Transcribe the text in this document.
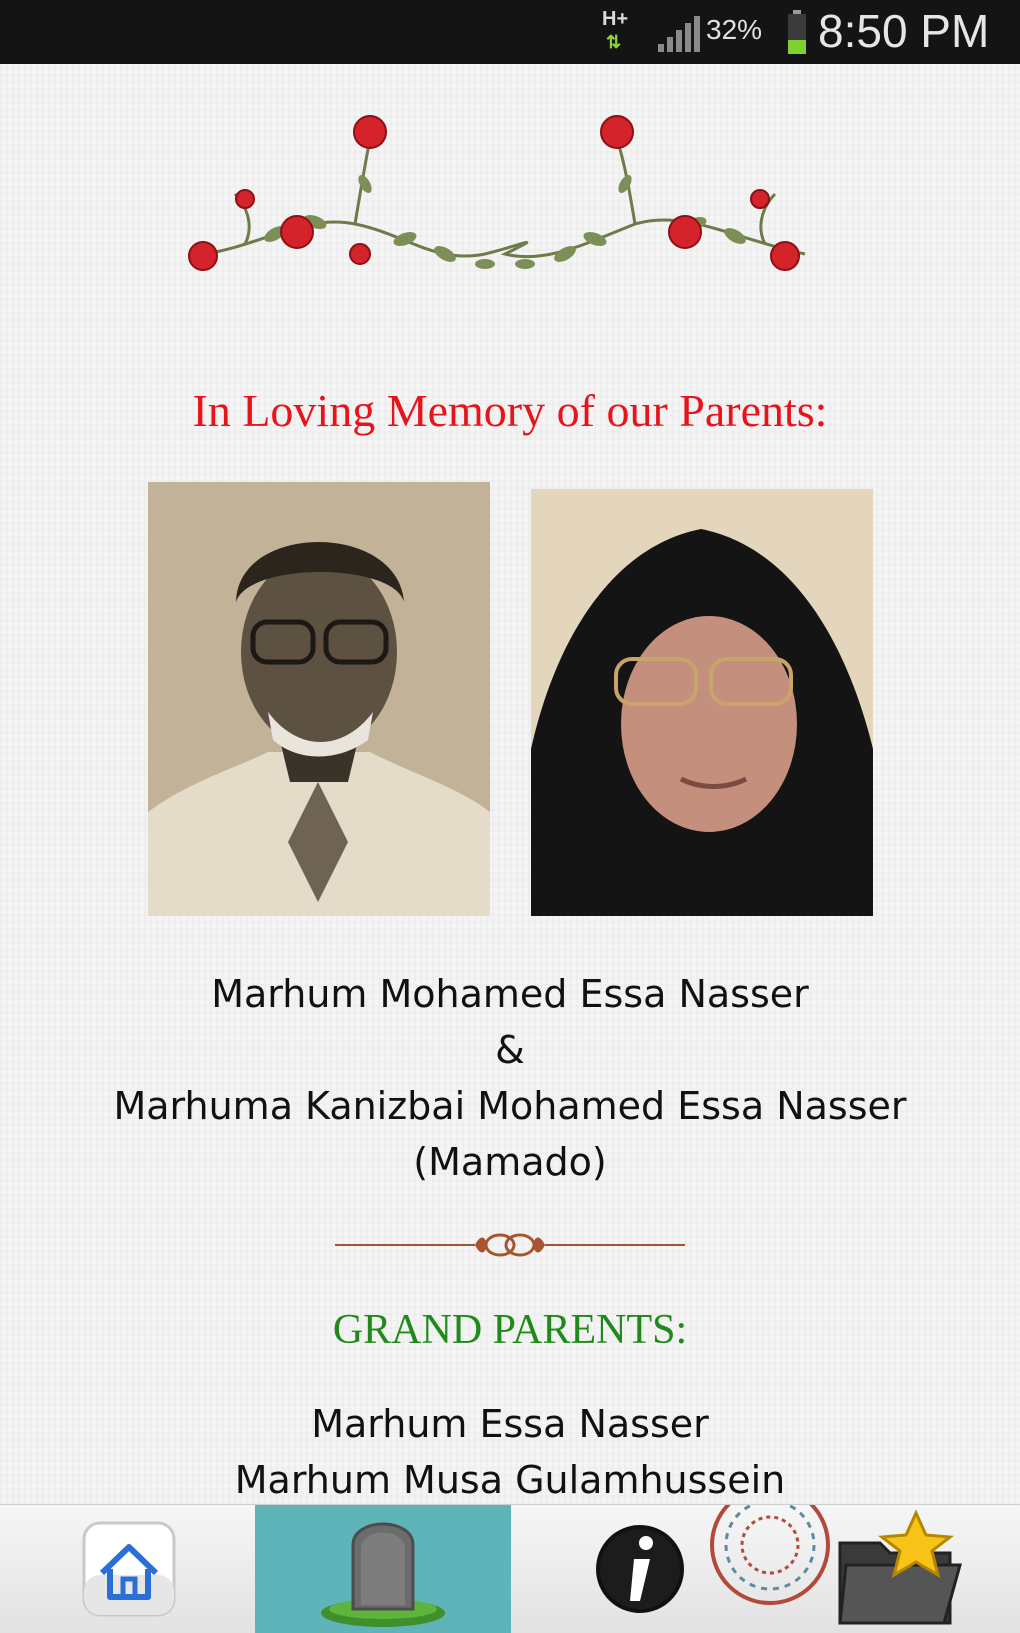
H+
⇅	32% 8:50 PM
In Loving Memory of our Parents:

Marhum Mohamed Essa Nasser
&
Marhuma Kanizbai Mohamed Essa Nasser
(Mamado)

GRAND PARENTS:

Marhum Essa Nasser
Marhum Musa Gulamhussein
